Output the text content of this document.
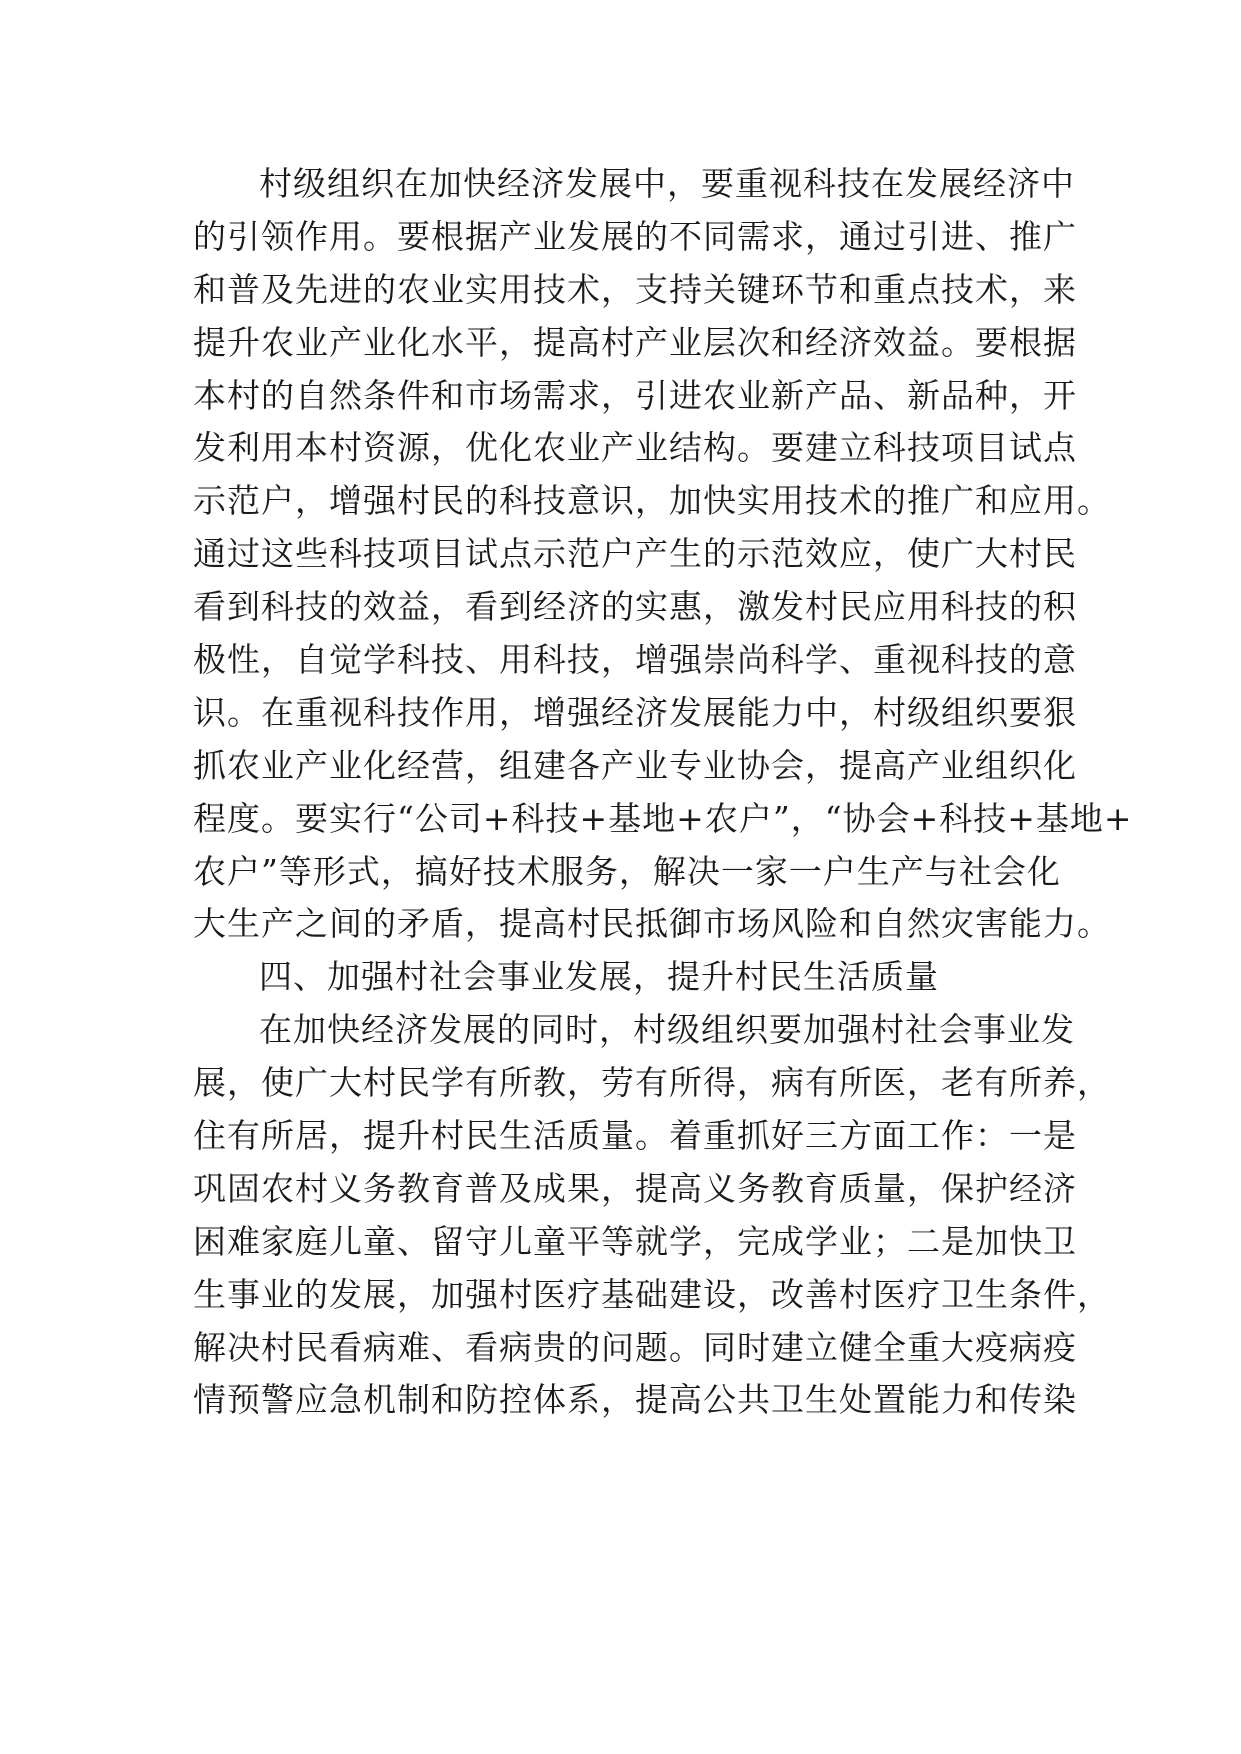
村级组织在加快经济发展中，要重视科技在发展经济中
的引领作用。要根据产业发展的不同需求，通过引进、推广
和普及先进的农业实用技术，支持关键环节和重点技术，来
提升农业产业化水平，提高村产业层次和经济效益。要根据
本村的自然条件和市场需求，引进农业新产品、新品种，开
发利用本村资源，优化农业产业结构。要建立科技项目试点
示范户，增强村民的科技意识，加快实用技术的推广和应用。
通过这些科技项目试点示范户产生的示范效应，使广大村民
看到科技的效益，看到经济的实惠，激发村民应用科技的积
极性，自觉学科技、用科技，增强崇尚科学、重视科技的意
识。在重视科技作用，增强经济发展能力中，村级组织要狠
抓农业产业化经营，组建各产业专业协会，提高产业组织化
程度。要实行“公司+科技+基地+农户”，“协会+科技+基地+
农户”等形式，搞好技术服务，解决一家一户生产与社会化
大生产之间的矛盾，提高村民抵御市场风险和自然灾害能力。
四、加强村社会事业发展，提升村民生活质量
在加快经济发展的同时，村级组织要加强村社会事业发
展，使广大村民学有所教，劳有所得，病有所医，老有所养，
住有所居，提升村民生活质量。着重抓好三方面工作：一是
巩固农村义务教育普及成果，提高义务教育质量，保护经济
困难家庭儿童、留守儿童平等就学，完成学业；二是加快卫
生事业的发展，加强村医疗基础建设，改善村医疗卫生条件，
解决村民看病难、看病贵的问题。同时建立健全重大疫病疫
情预警应急机制和防控体系，提高公共卫生处置能力和传染
